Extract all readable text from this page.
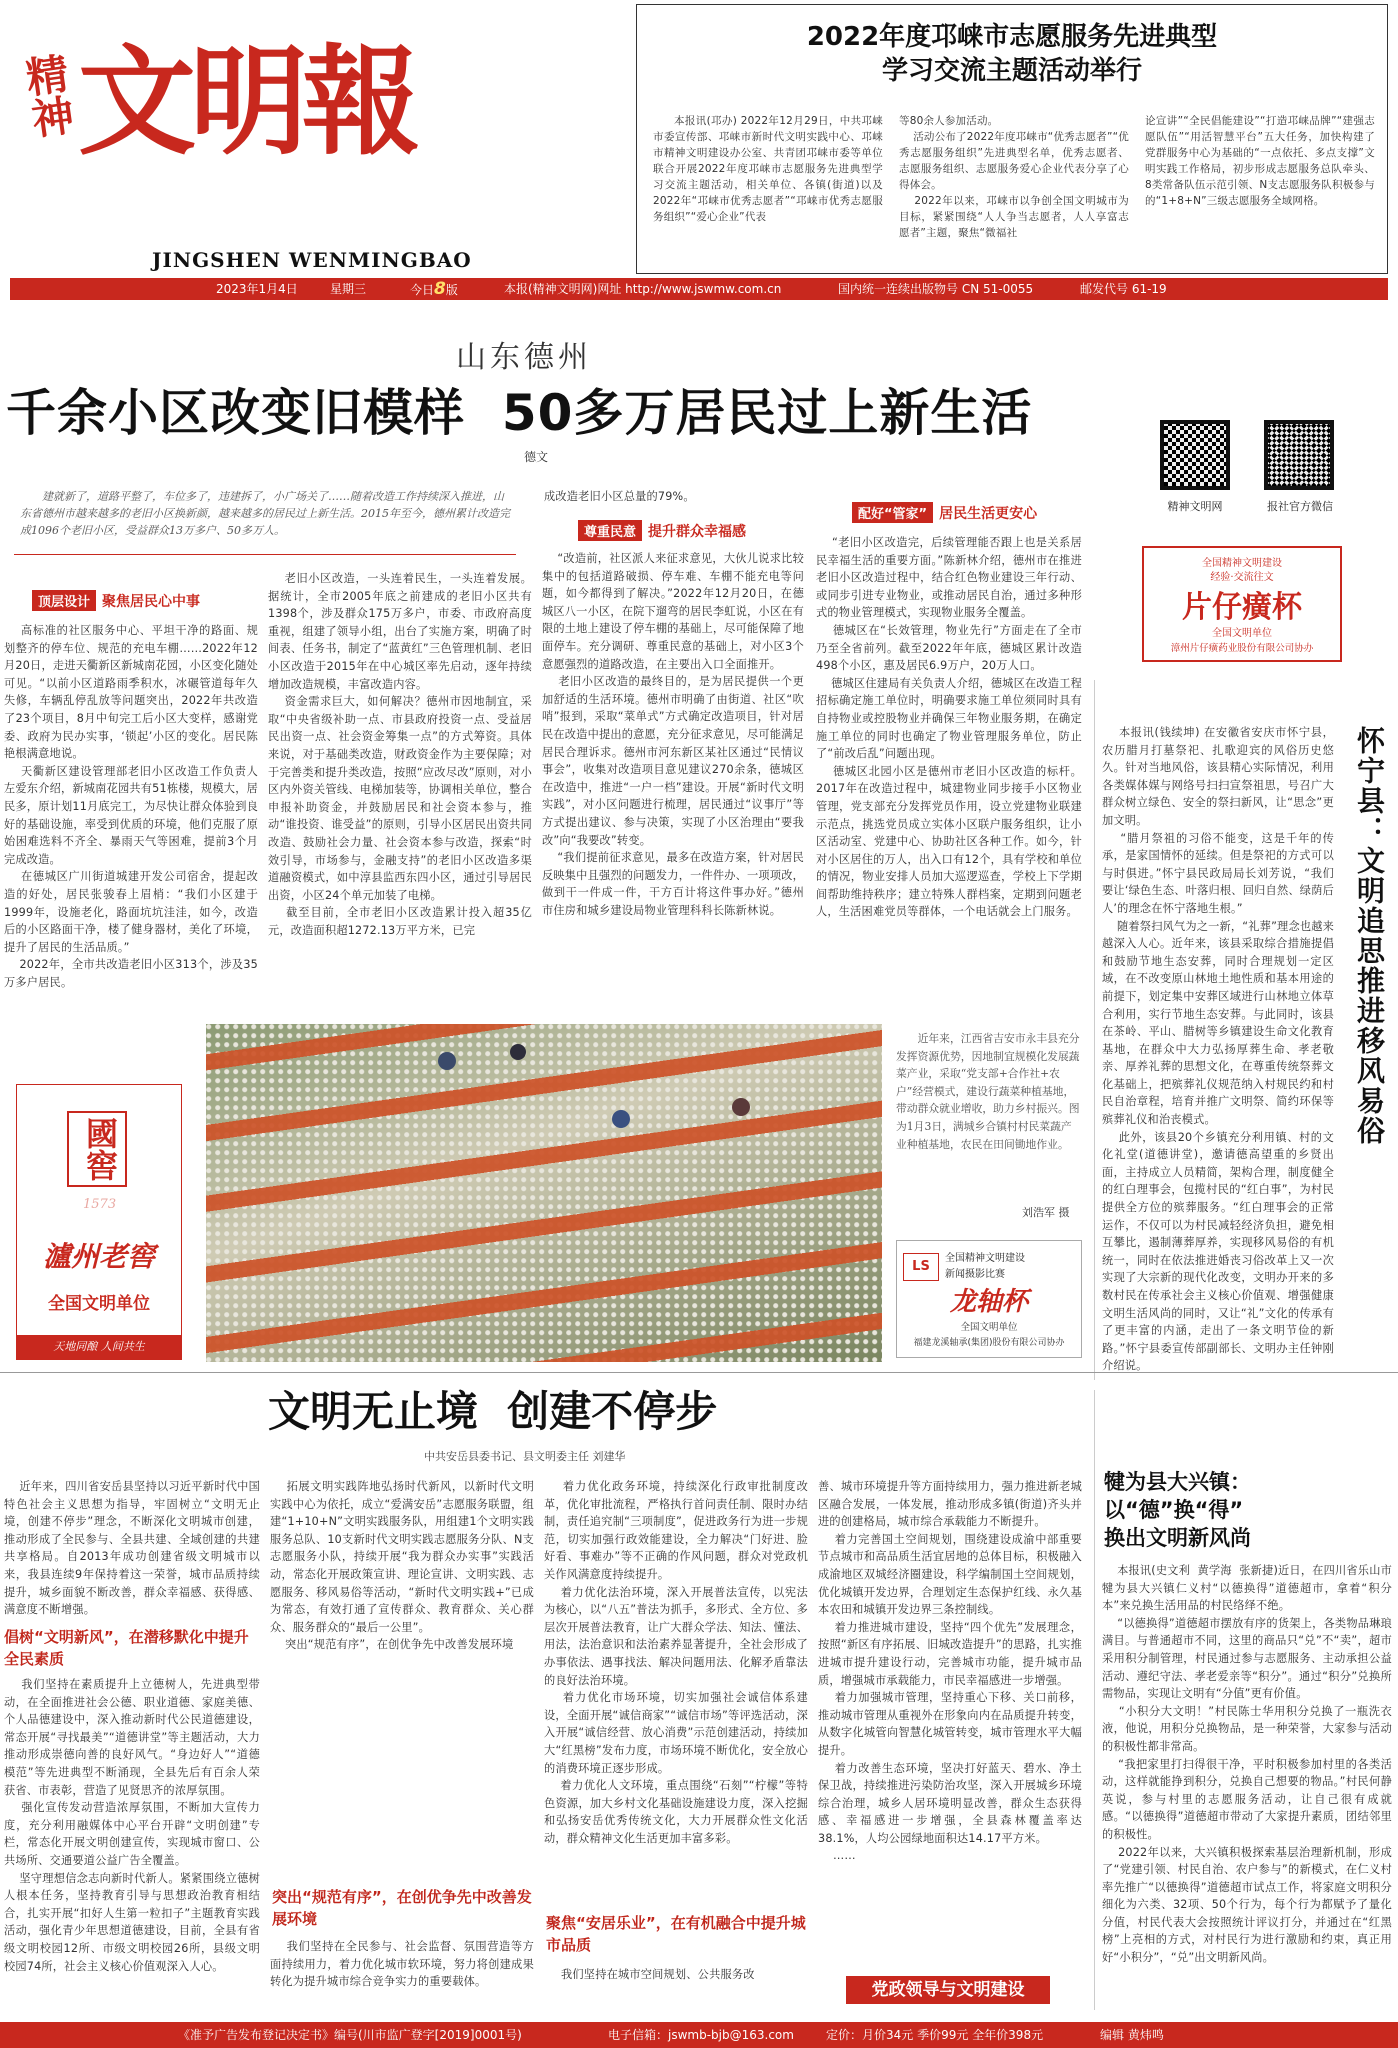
精神 文明報
JINGSHEN WENMINGBAO
2023年1月4日	星期三	今日8版	本报(精神文明网)网址 http://www.jswmw.com.cn	国内统一连续出版物号 CN 51-0055	邮发代号 61-19
2022年度邛崃市志愿服务先进典型
学习交流主题活动举行
本报讯(邛办) 2022年12月29日，中共邛崃市委宣传部、邛崃市新时代文明实践中心、邛崃市精神文明建设办公室、共青团邛崃市委等单位联合开展2022年度邛崃市志愿服务先进典型学习交流主题活动，相关单位、各镇(街道)以及2022年“邛崃市优秀志愿者”“邛崃市优秀志愿服务组织”“爱心企业”代表
等80余人参加活动。
活动公布了2022年度邛崃市“优秀志愿者”“优秀志愿服务组织”先进典型名单，优秀志愿者、志愿服务组织、志愿服务爱心企业代表分享了心得体会。
2022年以来，邛崃市以争创全国文明城市为目标，紧紧围绕“人人争当志愿者，人人享富志愿者”主题，聚焦“微福社
论宣讲”“全民倡能建设”“打造邛崃品牌”“建强志愿队伍”“用活智慧平台”五大任务，加快构建了党群服务中心为基础的“一点依托、多点支撑”文明实践工作格局，初步形成志愿服务总队牵头、8类常备队伍示范引领、N支志愿服务队积极参与的“1+8+N”三级志愿服务全域网格。
山东德州
千余小区改变旧模样  50多万居民过上新生活
德文
建就新了，道路平整了，车位多了，违建拆了，小广场关了……随着改造工作持续深入推进，山东省德州市越来越多的老旧小区换新颜，越来越多的居民过上新生活。2015年至今，德州累计改造完成1096个老旧小区，受益群众13万多户、50多万人。
成改造老旧小区总量的79%。
顶层设计 聚焦居民心中事
高标准的社区服务中心、平坦干净的路面、规划整齐的停车位、规范的充电车棚……2022年12月20日，走进天衢新区新城南花园，小区变化随处可见。“以前小区道路雨季积水，冰碾管道每年久失修，车辆乱停乱放等问题突出，2022年共改造了23个项目，8月中旬完工后小区大变样，感谢党委、政府为民办实事，‘锁起’小区的变化。居民陈艳根满意地说。
天衢新区建设管理部老旧小区改造工作负责人左爱东介绍，新城南花园共有51栋楼，规模大，居民多，原计划11月底完工，为尽快让群众体验到良好的基础设施，率受到优质的环境，他们克服了原始困难选料不齐全、暴雨天气等困难，提前3个月完成改造。
在德城区广川街道城建开发公司宿舍，提起改造的好处，居民张骏春上眉梢：“我们小区建于1999年，设施老化，路面坑坑洼洼，如今，改造后的小区路面干净，楼了健身器材，美化了环境，提升了居民的生活品质。”
2022年，全市共改造老旧小区313个，涉及35万多户居民。
老旧小区改造，一头连着民生，一头连着发展。据统计，全市2005年底之前建成的老旧小区共有1398个，涉及群众175万多户，市委、市政府高度重视，组建了领导小组，出台了实施方案，明确了时间表、任务书，制定了“蓝黄红”三色管理机制、老旧小区改造于2015年在中心城区率先启动，逐年持续增加改造规模，丰富改造内容。
资金需求巨大，如何解决？德州市因地制宜，采取“中央省级补助一点、市县政府投资一点、受益居民出资一点、社会资金筹集一点”的方式筹资。具体来说，对于基础类改造，财政资金作为主要保障；对于完善类和提升类改造，按照“应改尽改”原则，对小区内外资关管线、电梯加装等，协调相关单位，整合申报补助资金，并鼓励居民和社会资本参与，推动“谁投资、谁受益”的原则，引导小区居民出资共同改造、鼓励社会力量、社会资本参与改造，探索“时效引导，市场参与，金融支持”的老旧小区改造多渠道融资模式，如中淳县监西东四小区，通过引导居民出资，小区24个单元加装了电梯。
截至目前，全市老旧小区改造累计投入超35亿元，改造面积超1272.13万平方米，已完
尊重民意 提升群众幸福感
“改造前，社区派人来征求意见，大伙儿说求比较集中的包括道路破损、停车难、车棚不能充电等问题，如今都得到了解决。”2022年12月20日，在德城区八一小区，在院下遛弯的居民李虹说，小区在有限的土地上建设了停车棚的基础上，尽可能保障了地面停车。充分调研、尊重民意的基础上，对小区3个意愿强烈的道路改造，在主要出入口全面推开。
老旧小区改造的最终目的，是为居民提供一个更加舒适的生活环境。德州市明确了由街道、社区“吹哨”报到，采取“菜单式”方式确定改造项目，针对居民在改造中提出的意愿，充分征求意见，尽可能满足居民合理诉求。德州市河东新区某社区通过“民情议事会”，收集对改造项目意见建议270余条，德城区在改造中，推进“一户一档”建设。开展“新时代文明实践”，对小区问题进行梳理，居民通过“议事厅”等方式提出建议、参与决策，实现了小区治理由“要我改”向“我要改”转变。
“我们提前征求意见，最多在改造方案，针对居民反映集中且强烈的问题发力，一件件办、一项项改，做到干一件成一件，干方百计将这件事办好。”德州市住房和城乡建设局物业管理科科长陈新林说。
配好“管家” 居民生活更安心
“老旧小区改造完，后续管理能否跟上也是关系居民幸福生活的重要方面。”陈新林介绍，德州市在推进老旧小区改造过程中，结合红色物业建设三年行动、或同步引进专业物业，或推动居民自治，通过多种形式的物业管理模式，实现物业服务全覆盖。
德城区在“长效管理，物业先行”方面走在了全市乃至全省前列。截至2022年年底，德城区累计改造498个小区，惠及居民6.9万户，20万人口。
德城区住建局有关负责人介绍，德城区在改造工程招标确定施工单位时，明确要求施工单位须同时具有自持物业或控股物业并确保三年物业服务期，在确定施工单位的同时也确定了物业管理服务单位，防止了“前改后乱”问题出现。
德城区北园小区是德州市老旧小区改造的标杆。2017年在改造过程中，城建物业同步接手小区物业管理，党支部充分发挥党员作用，设立党建物业联建示范点，挑选党员成立实体小区联户服务组织，让小区活动室、党建中心、协助社区各种工作。如今，针对小区居住的万人，出入口有12个，具有学校和单位的情况，物业安排人员加大巡逻巡查，学校上下学期间帮助维持秩序；建立特殊人群档案，定期到问题老人，生活困难党员等群体，一个电话就会上门服务。
精神文明网	报社官方微信
全国精神文明建设
经验·交流往文
片仔癀杯
全国文明单位
漳州片仔癀药业股份有限公司协办
怀宁县：文明追思推进移风易俗
本报讯(钱续坤) 在安徽省安庆市怀宁县，农历腊月打墓祭祀、扎歌迎宾的风俗历史悠久。针对当地风俗，该县精心实际情况，利用各类媒体媒与网络号扫扫宣祭祖思，号召广大群众树立绿色、安全的祭扫新风，让“思念”更加文明。
“腊月祭祖的习俗不能变，这是千年的传承，是家国情怀的延续。但是祭祀的方式可以与时俱进。”怀宁县民政局局长刘芳说，“我们要让‘绿色生态、叶落归根、回归自然、绿荫后人’的理念在怀宁落地生根。”
随着祭扫风气为之一新，“礼葬”理念也越来越深入人心。近年来，该县采取综合措施提倡和鼓励节地生态安葬，同时合理规划一定区域，在不改变原山林地土地性质和基本用途的前提下，划定集中安葬区域进行山林地立体草合利用，实行节地生态安葬。与此同时，该县在茶岭、平山、腊树等乡镇建设生命文化教育基地，在群众中大力弘扬厚葬生命、孝老敬亲、厚养礼葬的思想文化，在尊重传统祭葬文化基础上，把殡葬礼仪规范纳入村规民约和村民自治章程，培育并推广文明祭、简约环保等殡葬礼仪和治丧模式。
此外，该县20个乡镇充分利用镇、村的文化礼堂(道德讲堂)，邀请德高望重的乡贤出面，主持成立人员精简，架构合理，制度健全的红白理事会，包揽村民的“红白事”，为村民提供全方位的殡葬服务。“红白理事会的正常运作，不仅可以为村民减轻经济负担，避免相互攀比，遏制薄葬厚养，实现移风易俗的有机统一，同时在依法推进婚丧习俗改革上又一次实现了大宗新的现代化改变，文明办开来的多数村民在传承社会主义核心价值观、增强健康文明生活风尚的同时，又让“礼”文化的传承有了更丰富的内涵，走出了一条文明节俭的新路。”怀宁县委宣传部副部长、文明办主任钟刚介绍说。
國窖
1573
瀘州老窖
全国文明单位
天地同酿 人间共生
近年来，江西省吉安市永丰县充分发挥资源优势，因地制宜规模化发展蔬菜产业，采取“党支部+合作社+农户”经营模式，建设行蔬菜种植基地，带动群众就业增收，助力乡村振兴。图为1月3日，满城乡合镇村村民菜蔬产业种植基地，农民在田间锄地作业。
刘浩军 摄
LS
全国精神文明建设
新闻摄影比赛
龙轴杯
全国文明单位
福建龙溪轴承(集团)股份有限公司协办
文明无止境  创建不停步
中共安岳县委书记、县文明委主任 刘建华
近年来，四川省安岳县坚持以习近平新时代中国特色社会主义思想为指导，牢固树立“文明无止境，创建不停步”理念，不断深化文明城市创建，推动形成了全民参与、全县共建、全域创建的共建共享格局。自2013年成功创建省级文明城市以来，我县连续9年保持着这一荣誉，城市品质持续提升，城乡面貌不断改善，群众幸福感、获得感、满意度不断增强。
倡树“文明新风”，在潜移默化中提升全民素质
我们坚持在素质提升上立德树人，先进典型带动，在全面推进社会公德、职业道德、家庭美德、个人品德建设中，深入推动新时代公民道德建设，常态开展“寻找最美”“道德讲堂”等主题活动，大力推动形成崇德向善的良好风气。“身边好人”“道德模范”等先进典型不断涌现，全县先后有百余人荣获省、市表彰，营造了见贤思齐的浓厚氛围。
强化宣传发动营造浓厚氛围，不断加大宣传力度，充分利用融媒体中心平台开辟“文明创建”专栏，常态化开展文明创建宣传，实现城市窗口、公共场所、交通要道公益广告全覆盖。
坚守理想信念志向新时代新人。紧紧围绕立德树人根本任务，坚持教育引导与思想政治教育相结合，扎实开展“扣好人生第一粒扣子”主题教育实践活动，强化青少年思想道德建设，目前，全县有省级文明校园12所、市级文明校园26所，县级文明校园74所，社会主义核心价值观深入人心。
拓展文明实践阵地弘扬时代新风，以新时代文明实践中心为依托，成立“爱满安岳”志愿服务联盟，组建“1+10+N”文明实践服务队，用组建1个文明实践服务总队、10支新时代文明实践志愿服务分队、N支志愿服务小队，持续开展“我为群众办实事”实践活动，常态化开展政策宣讲、理论宣讲、文明实践、志愿服务、移风易俗等活动，“新时代文明实践+”已成为常态，有效打通了宣传群众、教育群众、关心群众、服务群众的“最后一公里”。
突出“规范有序”，在创优争先中改善发展环境
突出“规范有序”，在创优争先中改善发展环境
我们坚持在全民参与、社会监督、氛围营造等方面持续用力，着力优化城市软环境，努力将创建成果转化为提升城市综合竞争实力的重要载体。
着力优化政务环境，持续深化行政审批制度改革，优化审批流程，严格执行首问责任制、限时办结制，责任追究制“三项制度”，促进政务行为进一步规范，切实加强行政效能建设，全力解决“门好进、脸好看、事难办”等不正确的作风问题，群众对党政机关作风满意度持续提升。
着力优化法治环境，深入开展普法宣传，以宪法为核心，以“八五”普法为抓手，多形式、全方位、多层次开展普法教育，让广大群众学法、知法、懂法、用法，法治意识和法治素养显著提升，全社会形成了办事依法、遇事找法、解决问题用法、化解矛盾靠法的良好法治环境。
着力优化市场环境，切实加强社会诚信体系建设，全面开展“诚信商家”“诚信市场”等评选活动，深入开展“诚信经营、放心消费”示范创建活动，持续加大“红黑榜”发布力度，市场环境不断优化，安全放心的消费环境正逐步形成。
着力优化人文环境，重点围绕“石刻”“柠檬”等特色资源，加大乡村文化基础设施建设力度，深入挖掘和弘扬安岳优秀传统文化，大力开展群众性文化活动，群众精神文化生活更加丰富多彩。
聚焦“安居乐业”，在有机融合中提升城市品质
我们坚持在城市空间规划、公共服务改
善、城市环境提升等方面持续用力，强力推进新老城区融合发展，一体发展，推动形成多镇(街道)齐头并进的创建格局，城市综合承载能力不断提升。
着力完善国土空间规划，围绕建设成渝中部重要节点城市和高品质生活宜居地的总体目标，积极融入成渝地区双城经济圈建设，科学编制国土空间规划，优化城镇开发边界，合理划定生态保护红线、永久基本农田和城镇开发边界三条控制线。
着力推进城市建设，坚持“四个优先”发展理念，按照“新区有序拓展、旧城改造提升”的思路，扎实推进城市提升建设行动，完善城市功能，提升城市品质，增强城市承载能力，市民幸福感进一步增强。
着力加强城市管理，坚持重心下移、关口前移，推动城市管理从重视外在形象向内在品质提升转变，从数字化城管向智慧化城管转变，城市管理水平大幅提升。
着力改善生态环境，坚决打好蓝天、碧水、净土保卫战，持续推进污染防治攻坚，深入开展城乡环境综合治理，城乡人居环境明显改善，群众生态获得感、幸福感进一步增强，全县森林覆盖率达38.1%，人均公园绿地面积达14.17平方米。
……
党政领导与文明建设
犍为县大兴镇：
以“德”换“得”
换出文明新风尚
本报讯(史文利  黄学海  张新捷)近日，在四川省乐山市犍为县大兴镇仁义村“以德换得”道德超市，拿着“积分本”来兑换生活用品的村民络绎不绝。
“以德换得”道德超市摆放有序的货架上，各类物品琳琅满目。与普通超市不同，这里的商品只“兑”不“卖”，超市采用积分制管理，村民通过参与志愿服务、主动承担公益活动、遵纪守法、孝老爱亲等“积分”。通过“积分”兑换所需物品，实现让文明有“分值”更有价值。
“小积分大文明！”村民陈士华用积分兑换了一瓶洗衣液，他说，用积分兑换物品，是一种荣誉，大家参与活动的积极性都非常高。
“我把家里打扫得很干净，平时积极参加村里的各类活动，这样就能挣到积分，兑换自己想要的物品。”村民何静英说，参与村里的志愿服务活动，让自己很有成就感。“以德换得”道德超市带动了大家提升素质，团结邻里的积极性。
2022年以来，大兴镇积极探索基层治理新机制，形成了“党建引领、村民自治、农户参与”的新模式，在仁义村率先推广“以德换得”道德超市试点工作，将家庭文明积分细化为六类、32项、50个行为，每个行为都赋予了量化分值，村民代表大会按照统计评议打分，并通过在“红黑榜”上亮相的方式，对村民行为进行激励和约束，真正用好“小积分”，“兑”出文明新风尚。
《准予广告发布登记决定书》编号(川市监广登字[2019]0001号)	电子信箱：jswmb-bjb@163.com	定价：月价34元 季价99元 全年价398元	编辑 黄炜鸣
